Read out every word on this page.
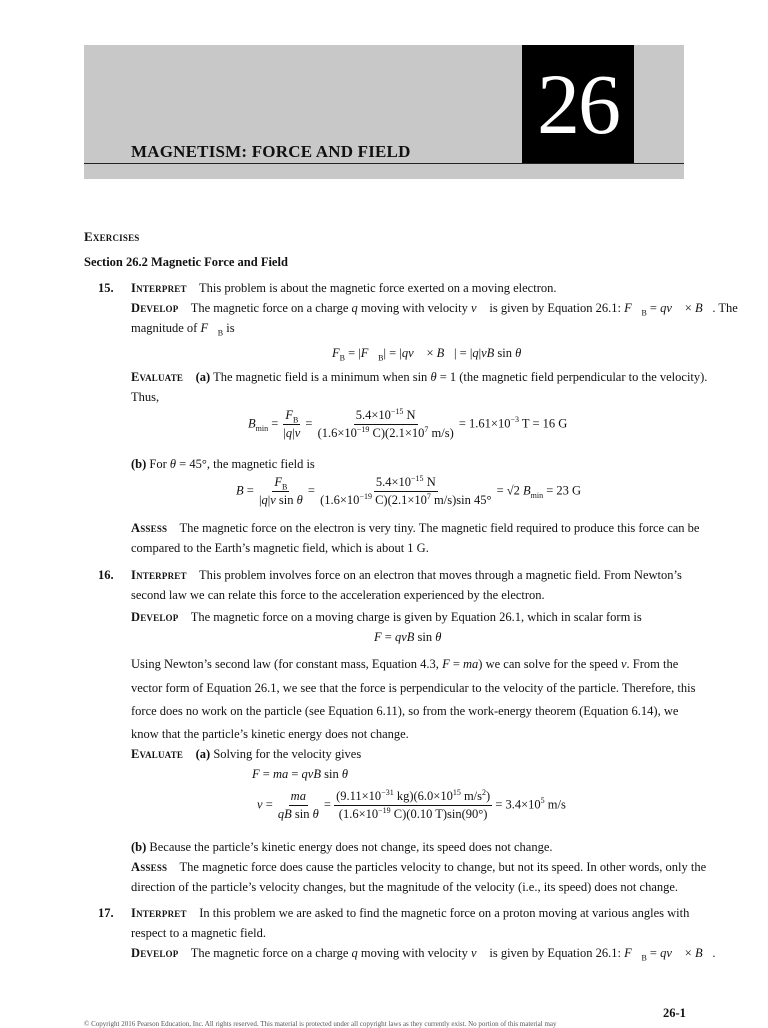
26
MAGNETISM: FORCE AND FIELD
Exercises
Section 26.2 Magnetic Force and Field
15. Interpret This problem is about the magnetic force exerted on a moving electron.
Develop The magnetic force on a charge q moving with velocity v⃗ is given by Equation 26.1: $F⃗_B$ = qv⃗ × B⃗. The
magnitude of $F⃗_B$ is
$F_B$ = $|F⃗_B|$ = |qv⃗ × B⃗| = |q|vB sin θ
Evaluate (a) The magnetic field is a minimum when sin θ = 1 (the magnetic field perpendicular to the velocity).
Thus,
$B_{min} = \frac{F_B}{|q|v} = \frac{5.4\times 10^{-15} N}{(1.6\times 10^{-19} C)(2.1\times 10^7 m/s)} = 1.61\times 10^{-3}$ T = 16 G
(b) For θ = 45°, the magnetic field is
$B = \frac{F_B}{\text{|q|v sin θ}} = \frac{5.4\times 10^{-15} N}{(1.6\times 10^{-19} C)(2.1\times 10^7 m/s)\sin 45^\circ} = √2$ $B_{min} = 23$ G
Assess The magnetic force on the electron is very tiny. The magnetic field required to produce this force can be
compared to the Earth’s magnetic field, which is about 1 G.
16. Interpret This problem involves force on an electron that moves through a magnetic field. From Newton’s
second law we can relate this force to the acceleration experienced by the electron.
Develop The magnetic force on a moving charge is given by Equation 26.1, which in scalar form is
F = qvB sin θ
Using Newton’s second law (for constant mass, Equation 4.3, F = ma) we can solve for the speed v. From the
vector form of Equation 26.1, we see that the force is perpendicular to the velocity of the particle. Therefore, this
force does no work on the particle (see Equation 6.11), so from the work-energy theorem (Equation 6.14), we
know that the particle’s kinetic energy does not change.
Evaluate (a) Solving for the velocity gives
F = ma = qvB sin θ
$v = \frac{ma}{\text{qB sin θ}} = \frac{(9.11\times 10^{-31} kg)(6.0\times 10^{15} m/s^2)}{(1.6\times 10^{-19} C)(0.10 T)\sin(90^\circ)} = 3.4\times 10^5$ m/s
(b) Because the particle’s kinetic energy does not change, its speed does not change.
Assess The magnetic force does cause the particles velocity to change, but not its speed. In other words, only the
direction of the particle’s velocity changes, but the magnitude of the velocity (i.e., its speed) does not change.
17. Interpret In this problem we are asked to find the magnetic force on a proton moving at various angles with
respect to a magnetic field.
Develop The magnetic force on a charge q moving with velocity v⃗ is given by Equation 26.1: $F⃗_B$ = qv⃗ × B⃗.
26-1
© Copyright 2016 Pearson Education, Inc. All rights reserved. This material is protected under all copyright laws as they currently exist. No portion of this material may
